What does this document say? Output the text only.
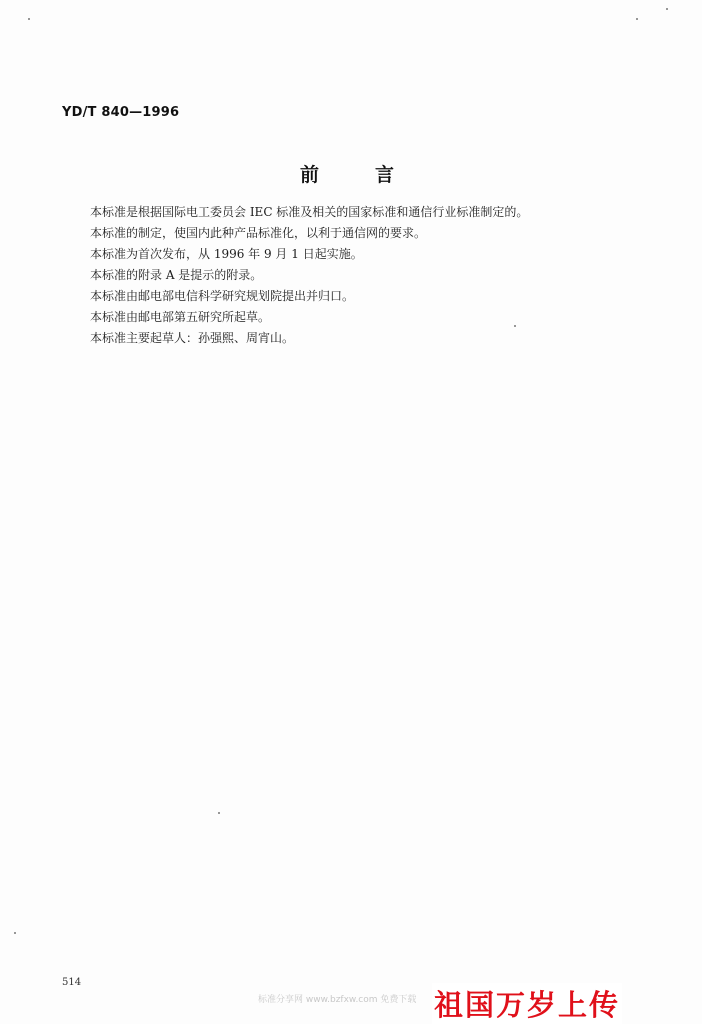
YD/T 840—1996
前言
本标准是根据国际电工委员会 IEC 标准及相关的国家标准和通信行业标准制定的。
本标准的制定，使国内此种产品标准化，以利于通信网的要求。
本标准为首次发布，从 1996 年 9 月 1 日起实施。
本标准的附录 A 是提示的附录。
本标准由邮电部电信科学研究规划院提出并归口。
本标准由邮电部第五研究所起草。
本标准主要起草人：孙强熙、周宵山。
514
标准分享网 www.bzfxw.com 免费下载 祖国万岁上传
